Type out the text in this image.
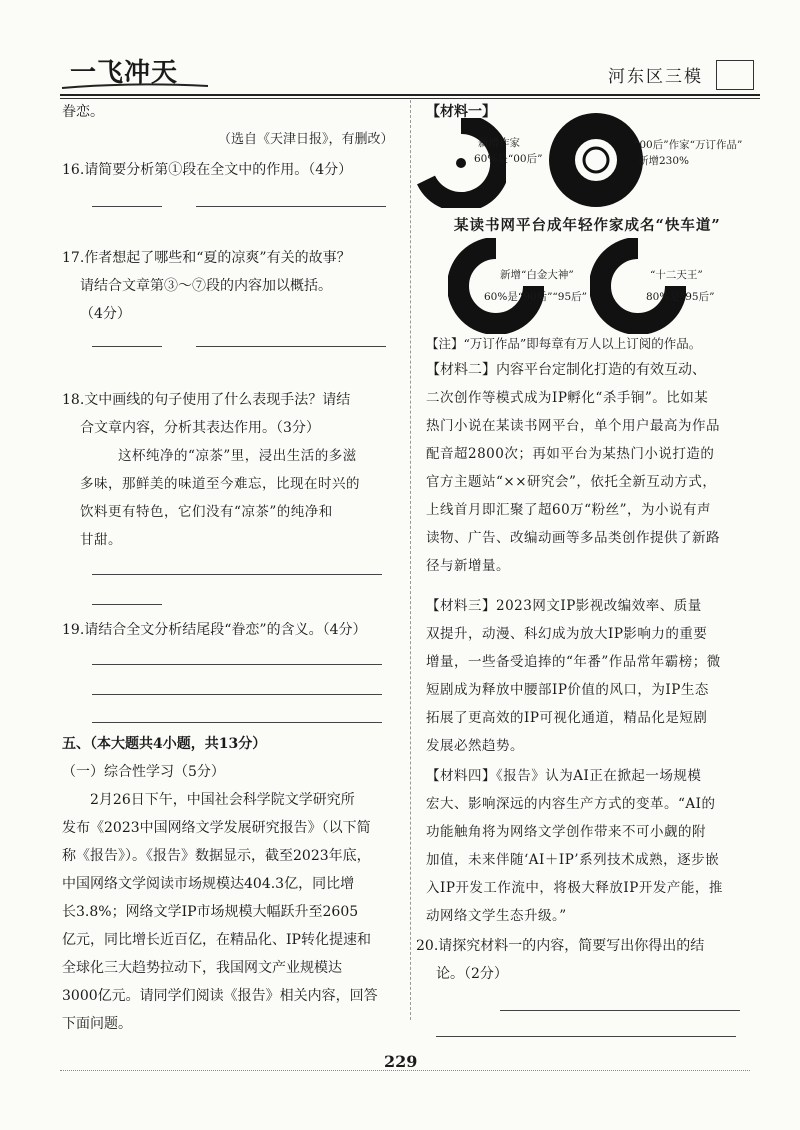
一飞冲天	河东区三模
眷恋。
（选自《天津日报》，有删改）
16.请简要分析第①段在全文中的作用。（4分）
17.作者想起了哪些和“夏的凉爽”有关的故事？
请结合文章第③～⑦段的内容加以概括。
（4分）
18.文中画线的句子使用了什么表现手法？请结
合文章内容，分析其表达作用。（3分）
这杯纯净的“凉茶”里，浸出生活的多滋
多味，那鲜美的味道至今难忘，比现在时兴的
饮料更有特色，它们没有“凉茶”的纯净和
甘甜。
19.请结合全文分析结尾段“眷恋”的含义。（4分）
五、（本大题共4小题，共13分）
（一）综合性学习（5分）
2月26日下午，中国社会科学院文学研究所
发布《2023中国网络文学发展研究报告》（以下简
称《报告》）。《报告》数据显示，截至2023年底，
中国网络文学阅读市场规模达404.3亿，同比增
长3.8%；网络文学IP市场规模大幅跃升至2605
亿元，同比增长近百亿，在精品化、IP转化提速和
全球化三大趋势拉动下，我国网文产业规模达
3000亿元。请同学们阅读《报告》相关内容，回答
下面问题。
【材料一】
新增作家
60%是“00后”
“00后”作家“万订作品”
新增230%
某读书网平台成年轻作家成名“快车道”
新增“白金大神”
60%是“90后”“95后”
“十二天王”
80%是“95后”
【注】“万订作品”即每章有万人以上订阅的作品。
【材料二】内容平台定制化打造的有效互动、
二次创作等模式成为IP孵化“杀手锏”。比如某
热门小说在某读书网平台，单个用户最高为作品
配音超2800次；再如平台为某热门小说打造的
官方主题站“××研究会”，依托全新互动方式，
上线首月即汇聚了超60万“粉丝”，为小说有声
读物、广告、改编动画等多品类创作提供了新路
径与新增量。
【材料三】2023网文IP影视改编效率、质量
双提升，动漫、科幻成为放大IP影响力的重要
增量，一些备受追捧的“年番”作品常年霸榜；微
短剧成为释放中腰部IP价值的风口，为IP生态
拓展了更高效的IP可视化通道，精品化是短剧
发展必然趋势。
【材料四】《报告》认为AI正在掀起一场规模
宏大、影响深远的内容生产方式的变革。“AI的
功能触角将为网络文学创作带来不可小觑的附
加值，未来伴随‘AI＋IP’系列技术成熟，逐步嵌
入IP开发工作流中，将极大释放IP开发产能，推
动网络文学生态升级。”
20.请探究材料一的内容，简要写出你得出的结
论。（2分）
229
